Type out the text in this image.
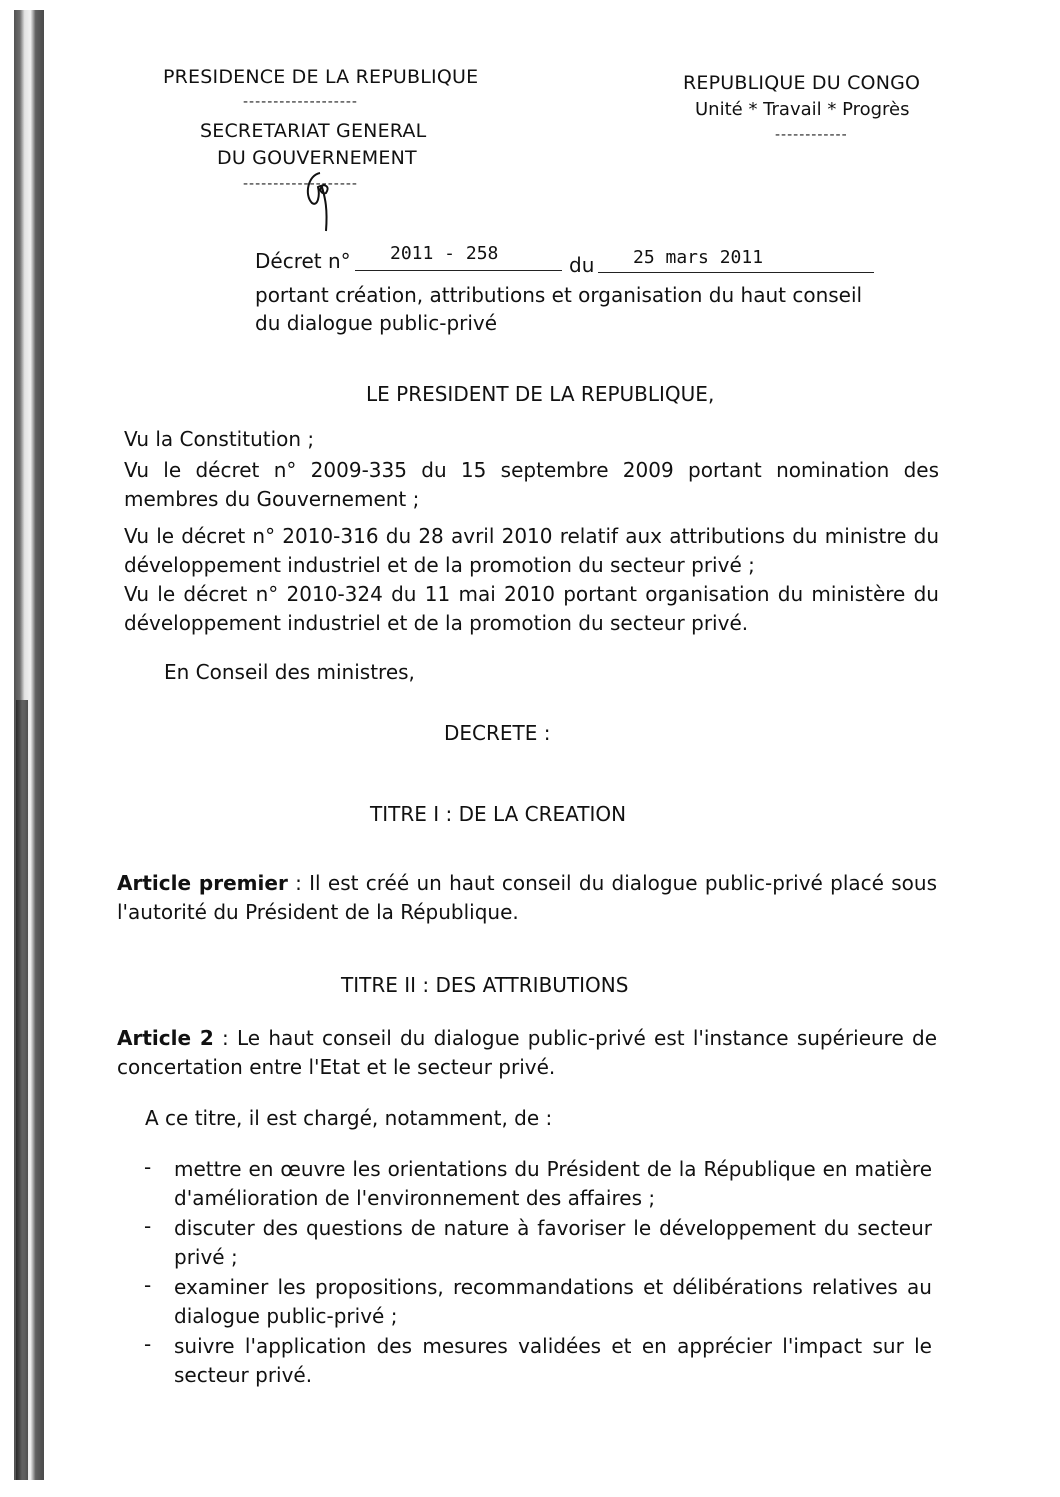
PRESIDENCE DE LA REPUBLIQUE
-------------------
SECRETARIAT GENERAL
DU GOUVERNEMENT
-------------------
REPUBLIQUE DU CONGO
Unité * Travail * Progrès
------------
Décret n° 2011 - 258	du 25 mars 2011
portant création, attributions et organisation du haut conseil
du dialogue public-privé
LE PRESIDENT DE LA REPUBLIQUE,
Vu la Constitution ;
Vu le décret n° 2009-335 du 15 septembre 2009 portant nomination des membres du Gouvernement ;
Vu le décret n° 2010-316 du 28 avril 2010 relatif aux attributions du ministre du développement industriel et de la promotion du secteur privé ;
Vu le décret n° 2010-324 du 11 mai 2010 portant organisation du ministère du développement industriel et de la promotion du secteur privé.
En Conseil des ministres,
DECRETE :
TITRE I : DE LA CREATION
Article premier : Il est créé un haut conseil du dialogue public-privé placé sous l'autorité du Président de la République.
TITRE II : DES ATTRIBUTIONS
Article 2 : Le haut conseil du dialogue public-privé est l'instance supérieure de concertation entre l'Etat et le secteur privé.
A ce titre, il est chargé, notamment, de :
- mettre en œuvre les orientations du Président de la République en matière d'amélioration de l'environnement des affaires ;
- discuter des questions de nature à favoriser le développement du secteur privé ;
- examiner les propositions, recommandations et délibérations relatives au dialogue public-privé ;
- suivre l'application des mesures validées et en apprécier l'impact sur le secteur privé.
